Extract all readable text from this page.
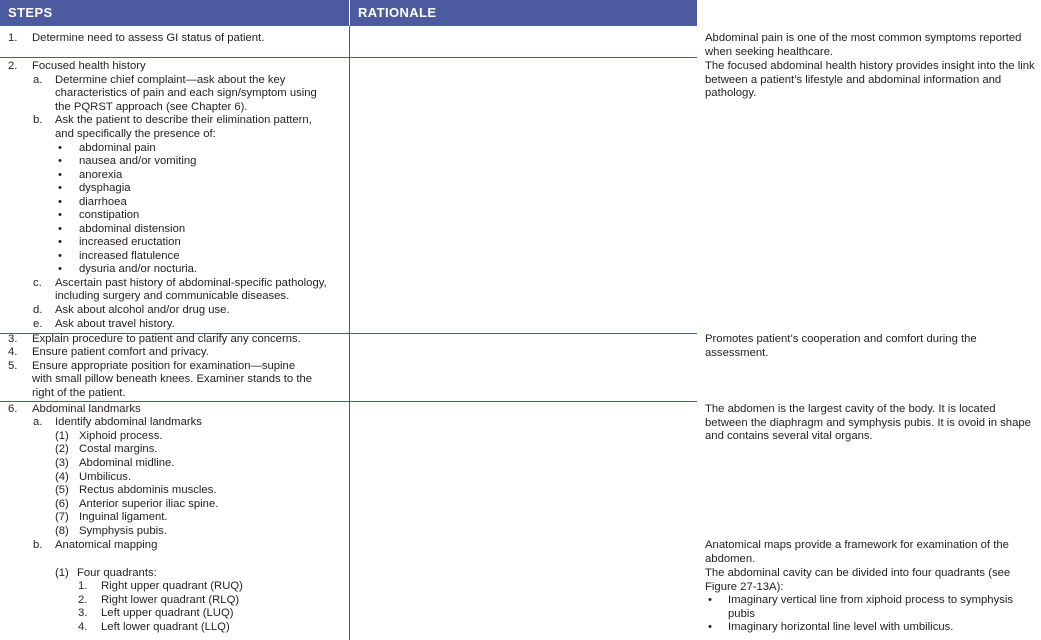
STEPS	RATIONALE
1. Determine need to assess GI status of patient.
2. Focused health history
a. Determine chief complaint—ask about the key
characteristics of pain and each sign/symptom using
the PQRST approach (see Chapter 6).
b. Ask the patient to describe their elimination pattern,
and specifically the presence of:
• abdominal pain
• nausea and/or vomiting
• anorexia
• dysphagia
• diarrhoea
• constipation
• abdominal distension
• increased eructation
• increased flatulence
• dysuria and/or nocturia.
c. Ascertain past history of abdominal-specific pathology,
including surgery and communicable diseases.
d. Ask about alcohol and/or drug use.
e. Ask about travel history.
3. Explain procedure to patient and clarify any concerns.
4. Ensure patient comfort and privacy.
5. Ensure appropriate position for examination—supine
with small pillow beneath knees. Examiner stands to the
right of the patient.
6. Abdominal landmarks
a. Identify abdominal landmarks
(1) Xiphoid process.
(2) Costal margins.
(3) Abdominal midline.
(4) Umbilicus.
(5) Rectus abdominis muscles.
(6) Anterior superior iliac spine.
(7) Inguinal ligament.
(8) Symphysis pubis.
b. Anatomical mapping
(1) Four quadrants:
1. Right upper quadrant (RUQ)
2. Right lower quadrant (RLQ)
3. Left upper quadrant (LUQ)
4. Left lower quadrant (LLQ)
Abdominal pain is one of the most common symptoms reported when seeking healthcare.
The focused abdominal health history provides insight into the link between a patient’s lifestyle and abdominal information and pathology.
Promotes patient’s cooperation and comfort during the assessment.
The abdomen is the largest cavity of the body. It is located between the diaphragm and symphysis pubis. It is ovoid in shape and contains several vital organs.
Anatomical maps provide a framework for examination of the abdomen.
The abdominal cavity can be divided into four quadrants (see Figure 27-13A):
• Imaginary vertical line from xiphoid process to symphysis pubis
• Imaginary horizontal line level with umbilicus.
